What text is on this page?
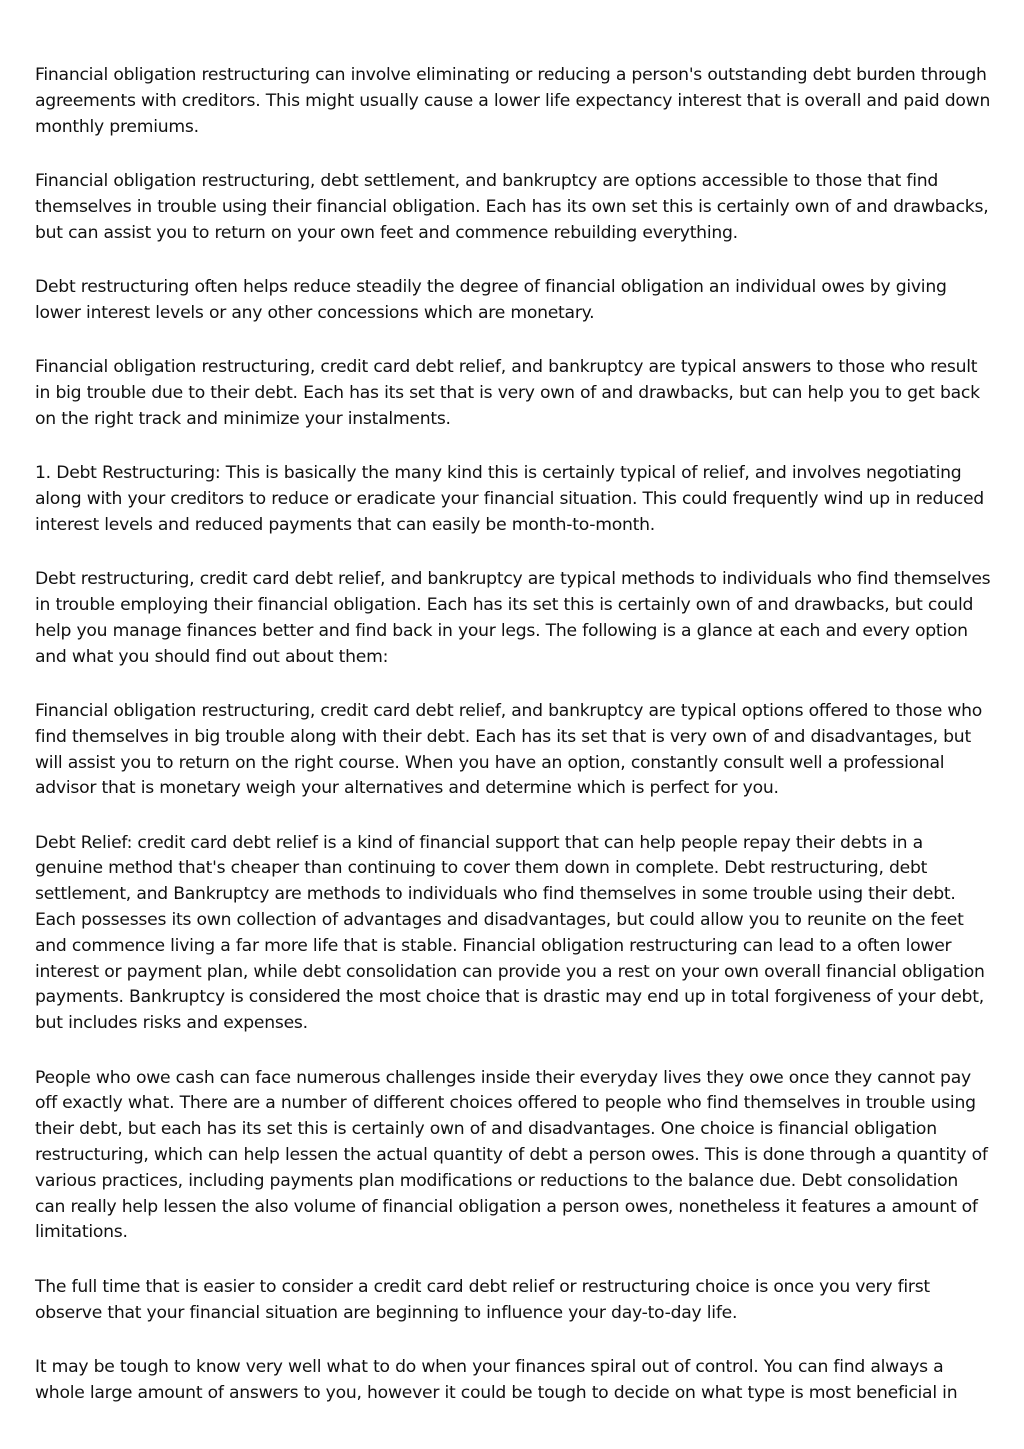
Financial obligation restructuring can involve eliminating or reducing a person's outstanding debt burden through agreements with creditors. This might usually cause a lower life expectancy interest that is overall and paid down monthly premiums.

Financial obligation restructuring, debt settlement, and bankruptcy are options accessible to those that find themselves in trouble using their financial obligation. Each has its own set this is certainly own of and drawbacks, but can assist you to return on your own feet and commence rebuilding everything.

Debt restructuring often helps reduce steadily the degree of financial obligation an individual owes by giving lower interest levels or any other concessions which are monetary.

Financial obligation restructuring, credit card debt relief, and bankruptcy are typical answers to those who result in big trouble due to their debt. Each has its set that is very own of and drawbacks, but can help you to get back on the right track and minimize your instalments.

1. Debt Restructuring: This is basically the many kind this is certainly typical of relief, and involves negotiating along with your creditors to reduce or eradicate your financial situation. This could frequently wind up in reduced interest levels and reduced payments that can easily be month-to-month.

Debt restructuring, credit card debt relief, and bankruptcy are typical methods to individuals who find themselves in trouble employing their financial obligation. Each has its set this is certainly own of and drawbacks, but could help you manage finances better and find back in your legs. The following is a glance at each and every option and what you should find out about them:

Financial obligation restructuring, credit card debt relief, and bankruptcy are typical options offered to those who find themselves in big trouble along with their debt. Each has its set that is very own of and disadvantages, but will assist you to return on the right course. When you have an option, constantly consult well a professional advisor that is monetary weigh your alternatives and determine which is perfect for you.

Debt Relief: credit card debt relief is a kind of financial support that can help people repay their debts in a genuine method that's cheaper than continuing to cover them down in complete. Debt restructuring, debt settlement, and Bankruptcy are methods to individuals who find themselves in some trouble using their debt. Each possesses its own collection of advantages and disadvantages, but could allow you to reunite on the feet and commence living a far more life that is stable. Financial obligation restructuring can lead to a often lower interest or payment plan, while debt consolidation can provide you a rest on your own overall financial obligation payments. Bankruptcy is considered the most choice that is drastic may end up in total forgiveness of your debt, but includes risks and expenses.

People who owe cash can face numerous challenges inside their everyday lives they owe once they cannot pay off exactly what. There are a number of different choices offered to people who find themselves in trouble using their debt, but each has its set this is certainly own of and disadvantages. One choice is financial obligation restructuring, which can help lessen the actual quantity of debt a person owes. This is done through a quantity of various practices, including payments plan modifications or reductions to the balance due. Debt consolidation can really help lessen the also volume of financial obligation a person owes, nonetheless it features a amount of limitations.

The full time that is easier to consider a credit card debt relief or restructuring choice is once you very first observe that your financial situation are beginning to influence your day-to-day life.

It may be tough to know very well what to do when your finances spiral out of control. You can find always a whole large amount of answers to you, however it could be tough to decide on what type is most beneficial in
